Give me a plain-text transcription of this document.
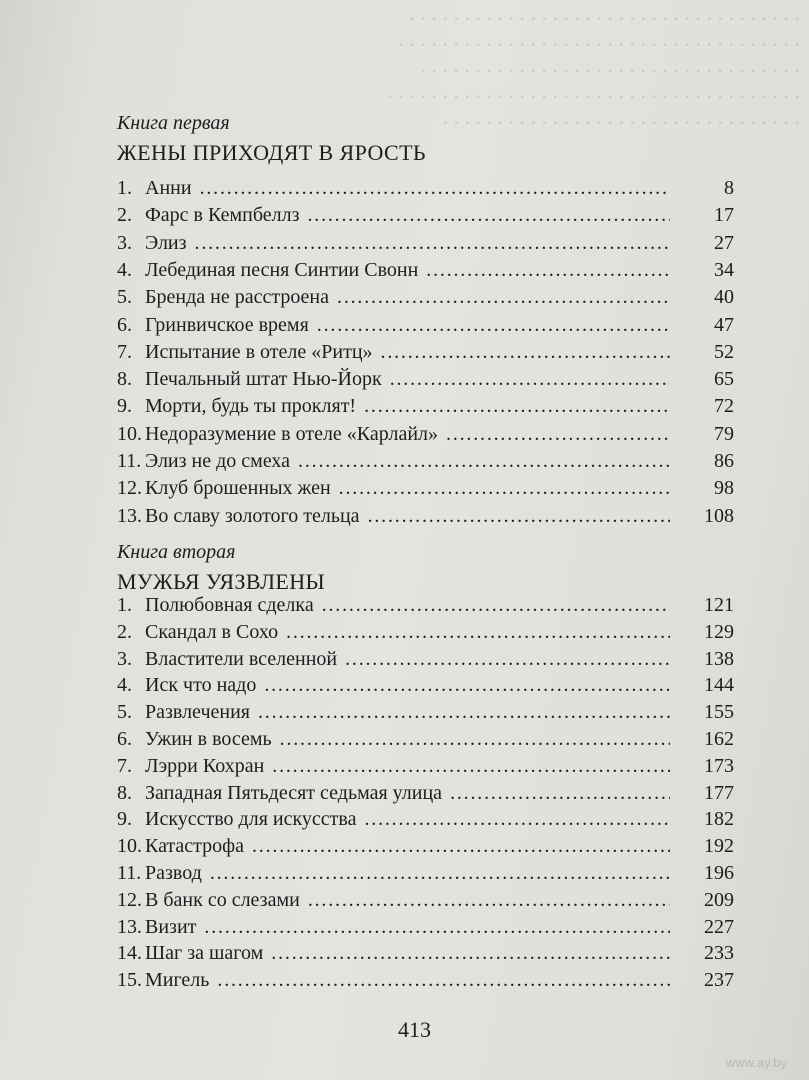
. . . . . . . . . . . . . . . . . . . . . . . . . . . . . . . . . . . .
. . . . . . . . . . . . . . . . . . . . . . . . . . . . . . . . . . . . .
. . . . . . . . . . . . . . . . . . . . . . . . . . . . . . . . . . .
. . . . . . . . . . . . . . . . . . . . . . . . . . . . . . . . . . . . . .
. . . . . . . . . . . . . . . . . . . . . . . . . . . . . . . . .
Книга первая
ЖЕНЫ ПРИХОДЯТ В ЯРОСТЬ
1. Анни . . .	8
2. Фарс в Кемпбеллз . . .	17
3. Элиз . . .	27
4. Лебединая песня Синтии Свонн . . .	34
5. Бренда не расстроена . . .	40
6. Гринвичское время . . .	47
7. Испытание в отеле «Ритц» . . .	52
8. Печальный штат Нью-Йорк . . .	65
9. Морти, будь ты проклят! . . .	72
10. Недоразумение в отеле «Карлайл» . . .	79
11. Элиз не до смеха . . .	86
12. Клуб брошенных жен . . .	98
13. Во славу золотого тельца . . .	108
Книга вторая
МУЖЬЯ УЯЗВЛЕНЫ
1. Полюбовная сделка . . .	121
2. Скандал в Сохо . . .	129
3. Властители вселенной . . .	138
4. Иск что надо . . .	144
5. Развлечения . . .	155
6. Ужин в восемь . . .	162
7. Лэрри Кохран . . .	173
8. Западная Пятьдесят седьмая улица . . .	177
9. Искусство для искусства . . .	182
10. Катастрофа . . .	192
11. Развод . . .	196
12. В банк со слезами . . .	209
13. Визит . . .	227
14. Шаг за шагом . . .	233
15. Мигель . . .	237
413
www.ay.by
